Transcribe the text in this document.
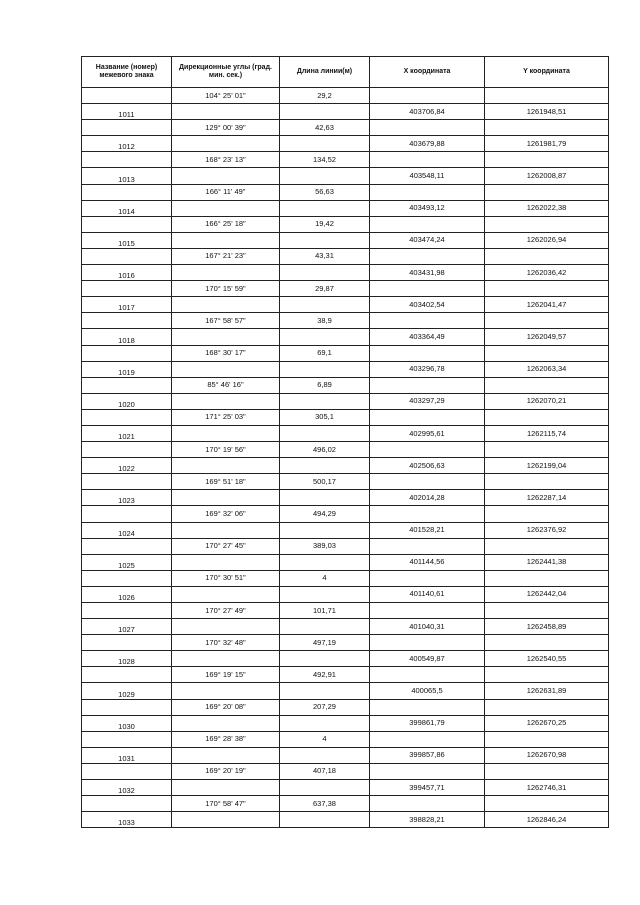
Название (номер) межевого знака	Дирекционные углы (град. мин. сек.)	Длина линии(м)	X координата	Y координата
	104° 25' 01"	29,2		
1011			403706,84	1261948,51
	129° 00' 39"	42,63		
1012			403679,88	1261981,79
	168° 23' 13"	134,52		
1013			403548,11	1262008,87
	166° 11' 49"	56,63		
1014			403493,12	1262022,38
	166° 25' 18"	19,42		
1015			403474,24	1262026,94
	167° 21' 23"	43,31		
1016			403431,98	1262036,42
	170° 15' 59"	29,87		
1017			403402,54	1262041,47
	167° 58' 57"	38,9		
1018			403364,49	1262049,57
	168° 30' 17"	69,1		
1019			403296,78	1262063,34
	85° 46' 16"	6,89		
1020			403297,29	1262070,21
	171° 25' 03"	305,1		
1021			402995,61	1262115,74
	170° 19' 56"	496,02		
1022			402506,63	1262199,04
	169° 51' 18"	500,17		
1023			402014,28	1262287,14
	169° 32' 06"	494,29		
1024			401528,21	1262376,92
	170° 27' 45"	389,03		
1025			401144,56	1262441,38
	170° 30' 51"	4		
1026			401140,61	1262442,04
	170° 27' 49"	101,71		
1027			401040,31	1262458,89
	170° 32' 48"	497,19		
1028			400549,87	1262540,55
	169° 19' 15"	492,91		
1029			400065,5	1262631,89
	169° 20' 08"	207,29		
1030			399861,79	1262670,25
	169° 28' 38"	4		
1031			399857,86	1262670,98
	169° 20' 19"	407,18		
1032			399457,71	1262746,31
	170° 58' 47"	637,38		
1033			398828,21	1262846,24
